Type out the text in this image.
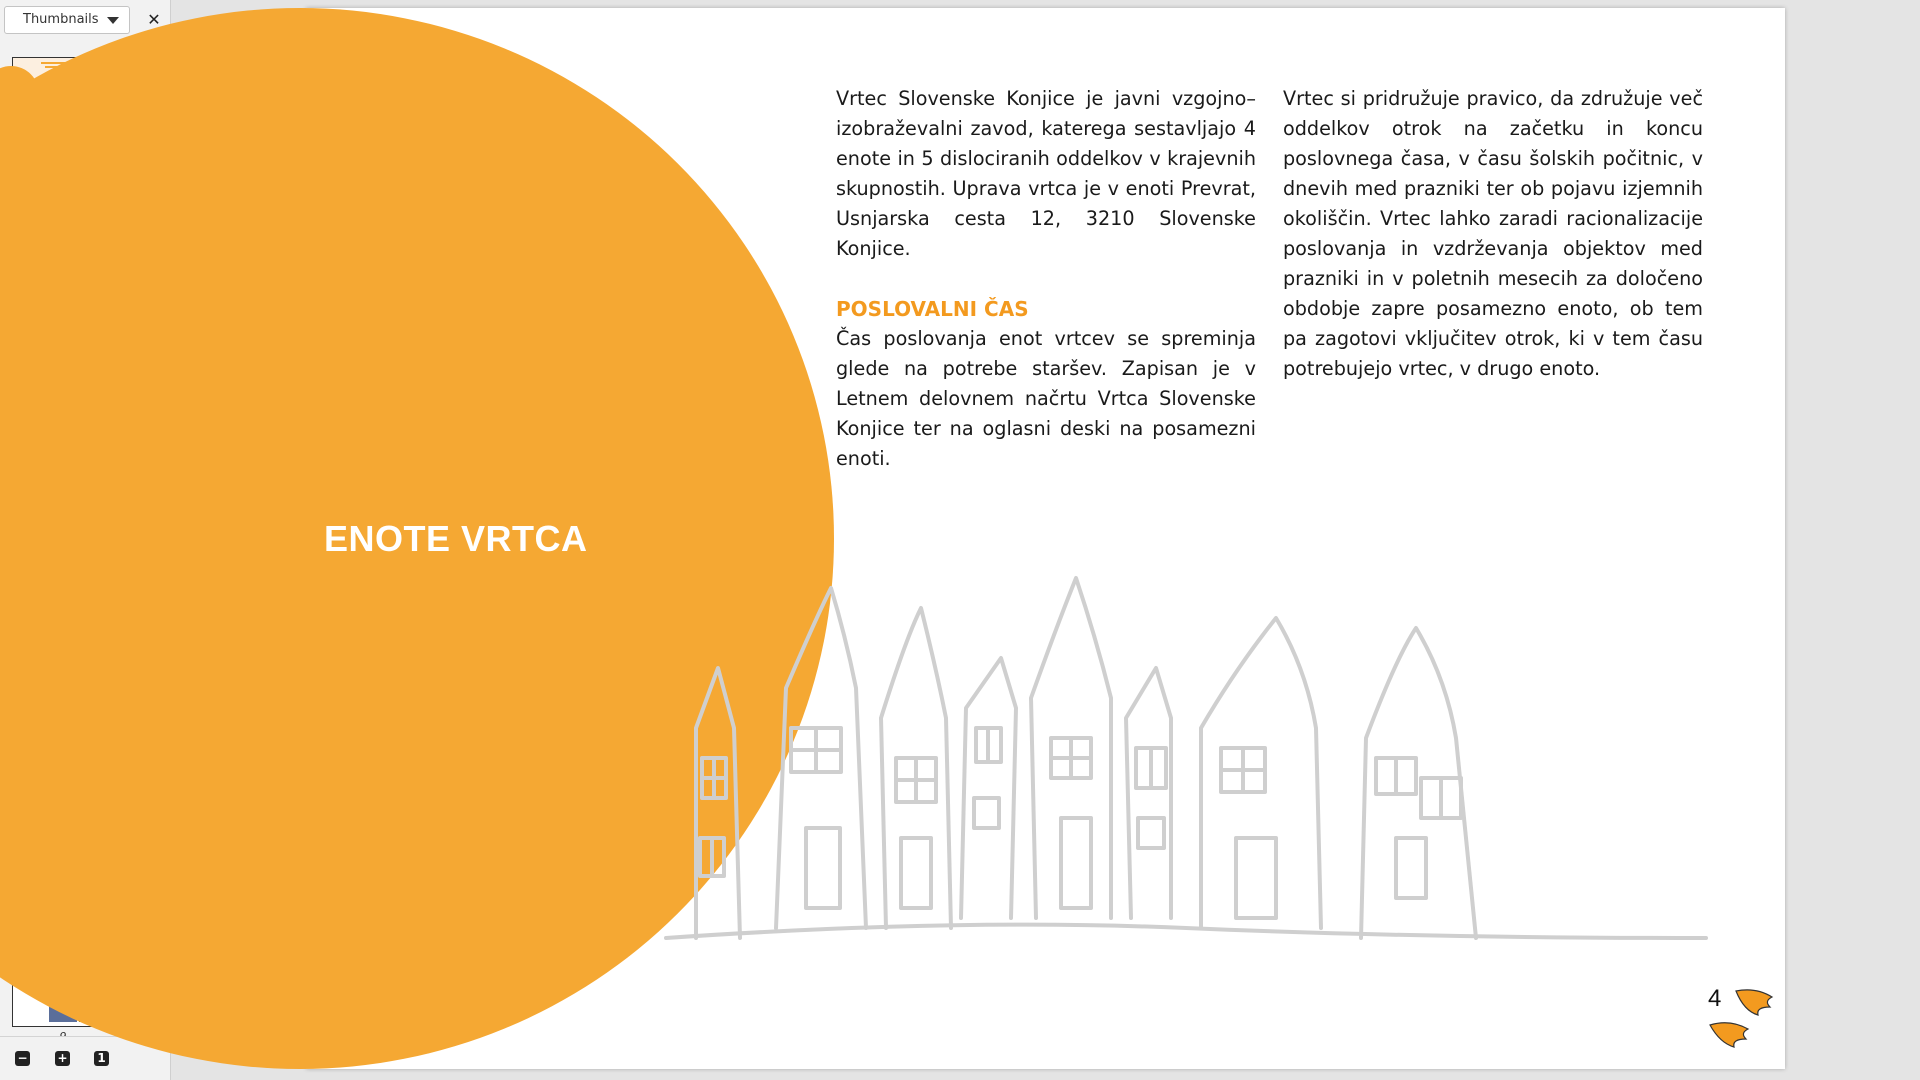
Thumbnails	✕
− + 1
ENOTE VRTCA

Vrtec Slovenske Konjice je javni vzgojno–izobraževalni zavod, katerega sestavljajo 4 enote in 5 dislociranih oddelkov v krajevnih skupnostih. Uprava vrtca je v enoti Prevrat, Usnjarska cesta 12, 3210 Slovenske Konjice.

POSLOVALNI ČAS

Čas poslovanja enot vrtcev se spreminja glede na potrebe staršev. Zapisan je v Letnem delovnem načrtu Vrtca Slovenske Konjice ter na oglasni deski na posamezni enoti.

Vrtec si pridružuje pravico, da združuje več oddelkov otrok na začetku in koncu poslovnega časa, v času šolskih počitnic, v dnevih med prazniki ter ob pojavu izjemnih okoliščin. Vrtec lahko zaradi racionalizacije poslovanja in vzdrževanja objektov med prazniki in v poletnih mesecih za določeno obdobje zapre posamezno enoto, ob tem pa zagotovi vključitev otrok, ki v tem času potrebujejo vrtec, v drugo enoto.

4
